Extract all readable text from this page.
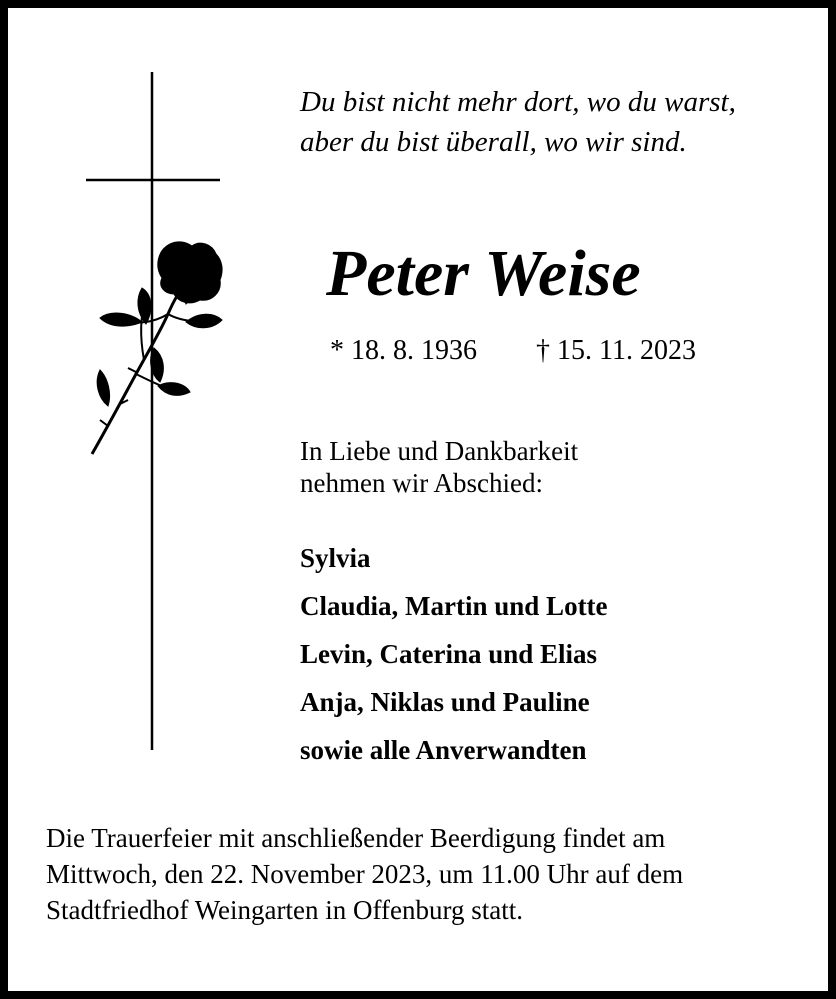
Du bist nicht mehr dort, wo du warst,
aber du bist überall, wo wir sind.
Peter Weise
* 18. 8. 1936 † 15. 11. 2023
In Liebe und Dankbarkeit
nehmen wir Abschied:
Sylvia
Claudia, Martin und Lotte
Levin, Caterina und Elias
Anja, Niklas und Pauline
sowie alle Anverwandten
Die Trauerfeier mit anschließender Beerdigung findet am
Mittwoch, den 22. November 2023, um 11.00 Uhr auf dem
Stadtfriedhof Weingarten in Offenburg statt.
